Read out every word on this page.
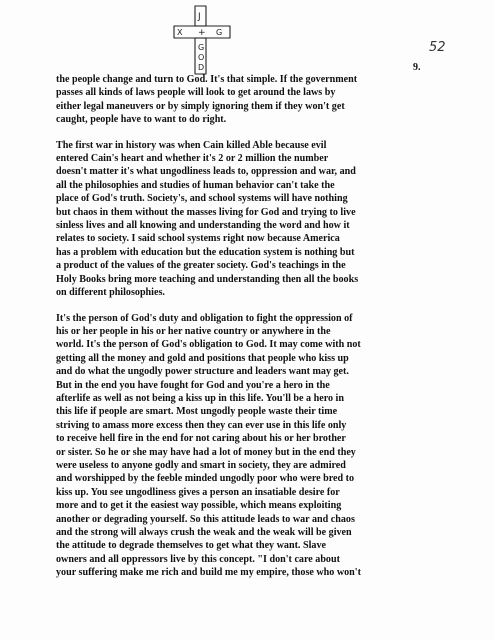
J
X + G
G
O
D
52
9.
the people change and turn to God. It's that simple. If the government
passes all kinds of laws people will look to get around the laws by
either legal maneuvers or by simply ignoring them if they won't get
caught, people have to want to do right.
The first war in history was when Cain killed Able because evil
entered Cain's heart and whether it's 2 or 2 million the number
doesn't matter it's what ungodliness leads to, oppression and war, and
all the philosophies and studies of human behavior can't take the
place of God's truth. Society's, and school systems will have nothing
but chaos in them without the masses living for God and trying to live
sinless lives and all knowing and understanding the word and how it
relates to society. I said school systems right now because America
has a problem with education but the education system is nothing but
a product of the values of the greater society. God's teachings in the
Holy Books bring more teaching and understanding then all the books
on different philosophies.
It's the person of God's duty and obligation to fight the oppression of
his or her people in his or her native country or anywhere in the
world. It's the person of God's obligation to God. It may come with not
getting all the money and gold and positions that people who kiss up
and do what the ungodly power structure and leaders want may get.
But in the end you have fought for God and you're a hero in the
afterlife as well as not being a kiss up in this life. You'll be a hero in
this life if people are smart. Most ungodly people waste their time
striving to amass more excess then they can ever use in this life only
to receive hell fire in the end for not caring about his or her brother
or sister. So he or she may have had a lot of money but in the end they
were useless to anyone godly and smart in society, they are admired
and worshipped by the feeble minded ungodly poor who were bred to
kiss up. You see ungodliness gives a person an insatiable desire for
more and to get it the easiest way possible, which means exploiting
another or degrading yourself. So this attitude leads to war and chaos
and the strong will always crush the weak and the weak will be given
the attitude to degrade themselves to get what they want. Slave
owners and all oppressors live by this concept. "I don't care about
your suffering make me rich and build me my empire, those who won't
